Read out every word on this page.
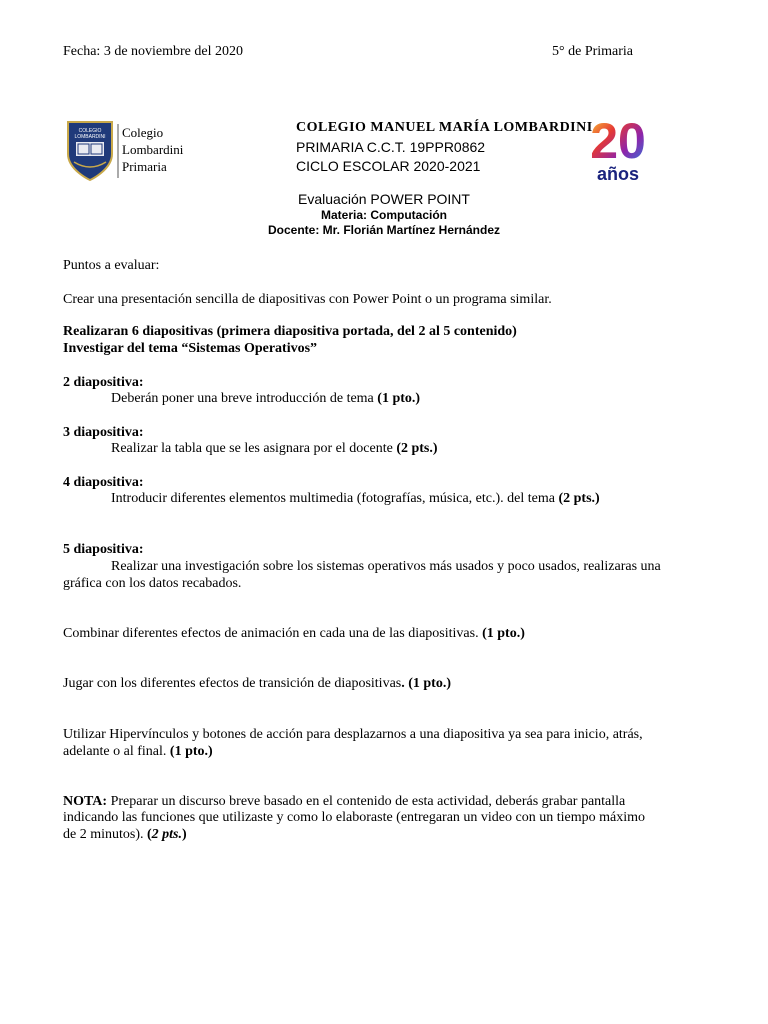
Fecha: 3 de noviembre del 2020	5° de Primaria
COLEGIO
LOMBARDINI Colegio
Lombardini
Primaria
COLEGIO MANUEL MARÍA LOMBARDINI
PRIMARIA C.C.T. 19PPR0862
CICLO ESCOLAR 2020-2021 20
años
Evaluación POWER POINT
Materia: Computación
Docente: Mr. Florián Martínez Hernández
Puntos a evaluar:
Crear una presentación sencilla de diapositivas con Power Point o un programa similar.
Realizaran 6 diapositivas (primera diapositiva portada, del 2 al 5 contenido)
Investigar del tema “Sistemas Operativos”
2 diapositiva:
Deberán poner una breve introducción de tema (1 pto.)
3 diapositiva:
Realizar la tabla que se les asignara por el docente (2 pts.)
4 diapositiva:
Introducir diferentes elementos multimedia (fotografías, música, etc.). del tema (2 pts.)
5 diapositiva:
Realizar una investigación sobre los sistemas operativos más usados y poco usados, realizaras una
gráfica con los datos recabados.
Combinar diferentes efectos de animación en cada una de las diapositivas. (1 pto.)
Jugar con los diferentes efectos de transición de diapositivas. (1 pto.)
Utilizar Hipervínculos y botones de acción para desplazarnos a una diapositiva ya sea para inicio, atrás,
adelante o al final. (1 pto.)
NOTA: Preparar un discurso breve basado en el contenido de esta actividad, deberás grabar pantalla
indicando las funciones que utilizaste y como lo elaboraste (entregaran un video con un tiempo máximo
de 2 minutos). (2 pts.)
